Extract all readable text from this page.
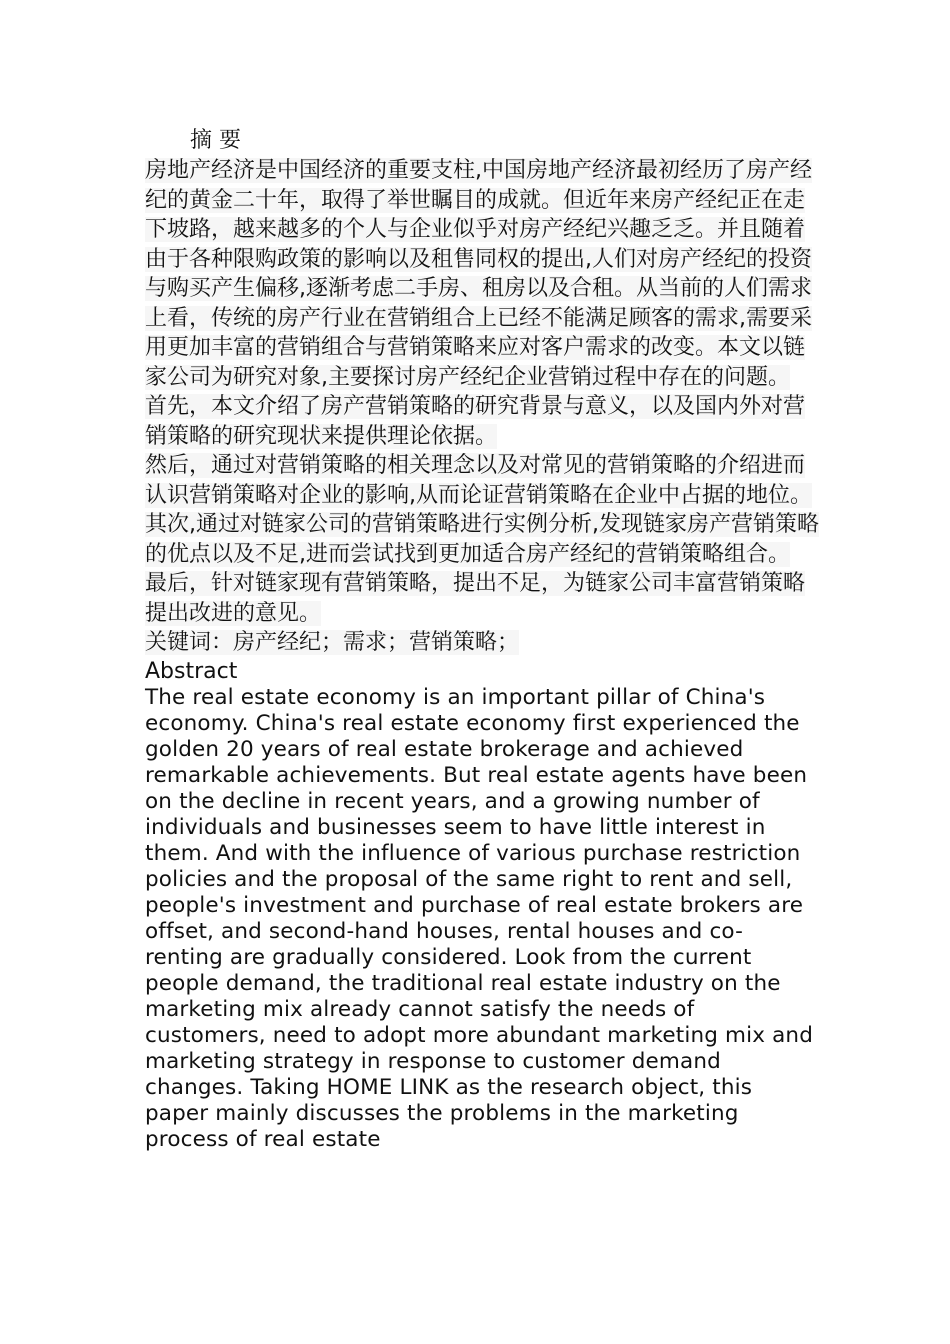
摘 要

房地产经济是中国经济的重要支柱,中国房地产经济最初经历了房产经纪的黄金二十年，取得了举世瞩目的成就。但近年来房产经纪正在走下坡路，越来越多的个人与企业似乎对房产经纪兴趣乏乏。并且随着由于各种限购政策的影响以及租售同权的提出,人们对房产经纪的投资与购买产生偏移,逐渐考虑二手房、租房以及合租。从当前的人们需求上看，传统的房产行业在营销组合上已经不能满足顾客的需求,需要采用更加丰富的营销组合与营销策略来应对客户需求的改变。本文以链家公司为研究对象,主要探讨房产经纪企业营销过程中存在的问题。

首先，本文介绍了房产营销策略的研究背景与意义，以及国内外对营销策略的研究现状来提供理论依据。

然后，通过对营销策略的相关理念以及对常见的营销策略的介绍进而认识营销策略对企业的影响,从而论证营销策略在企业中占据的地位。

其次,通过对链家公司的营销策略进行实例分析,发现链家房产营销策略的优点以及不足,进而尝试找到更加适合房产经纪的营销策略组合。

最后，针对链家现有营销策略，提出不足，为链家公司丰富营销策略提出改进的意见。

关键词：房产经纪；需求；营销策略；

Abstract

The real estate economy is an important pillar of China's economy. China's real estate economy first experienced the golden 20 years of real estate brokerage and achieved remarkable achievements. But real estate agents have been on the decline in recent years, and a growing number of individuals and businesses seem to have little interest in them. And with the influence of various purchase restriction policies and the proposal of the same right to rent and sell, people's investment and purchase of real estate brokers are offset, and second-hand houses, rental houses and co-renting are gradually considered. Look from the current people demand, the traditional real estate industry on the marketing mix already cannot satisfy the needs of customers, need to adopt more abundant marketing mix and marketing strategy in response to customer demand changes. Taking HOME LINK as the research object, this paper mainly discusses the problems in the marketing process of real estate
